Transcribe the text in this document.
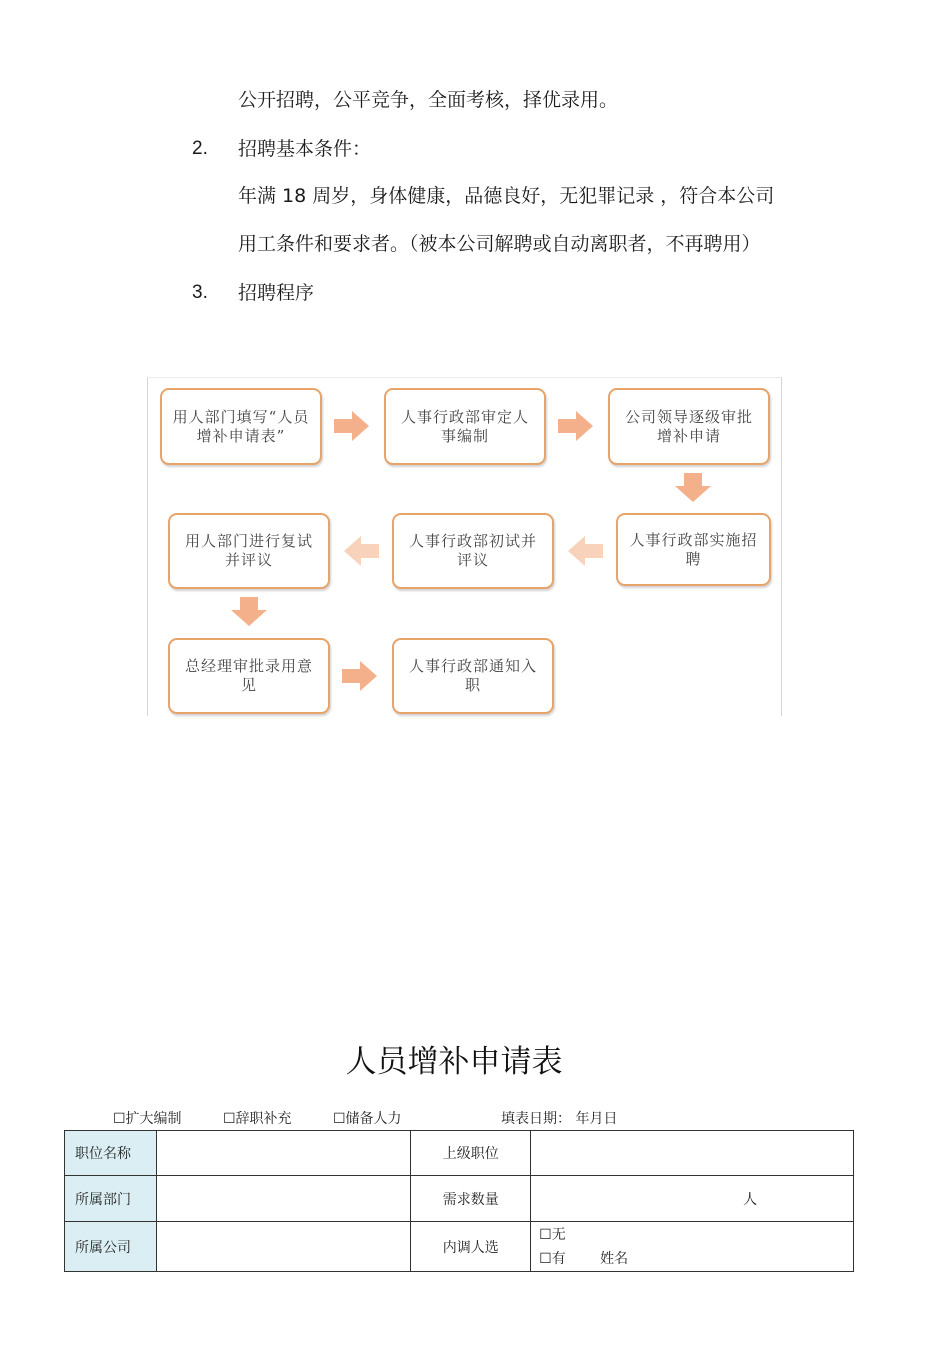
公开招聘，公平竞争，全面考核，择优录用。
2. 招聘基本条件：
年满 18 周岁，身体健康，品德良好，无犯罪记录 ，符合本公司
用工条件和要求者。（被本公司解聘或自动离职者，不再聘用）
3. 招聘程序
用人部门填写“人员增补申请表”
人事行政部审定人事编制
公司领导逐级审批增补申请
人事行政部实施招聘
人事行政部初试并评议
用人部门进行复试并评议
总经理审批录用意见
人事行政部通知入职
人员增补申请表
☐扩大编制	☐辞职补充	☐储备人力	填表日期： 年月日
职位名称		上级职位	
所属部门		需求数量	人
所属公司		内调人选	☐无
☐有 姓名
